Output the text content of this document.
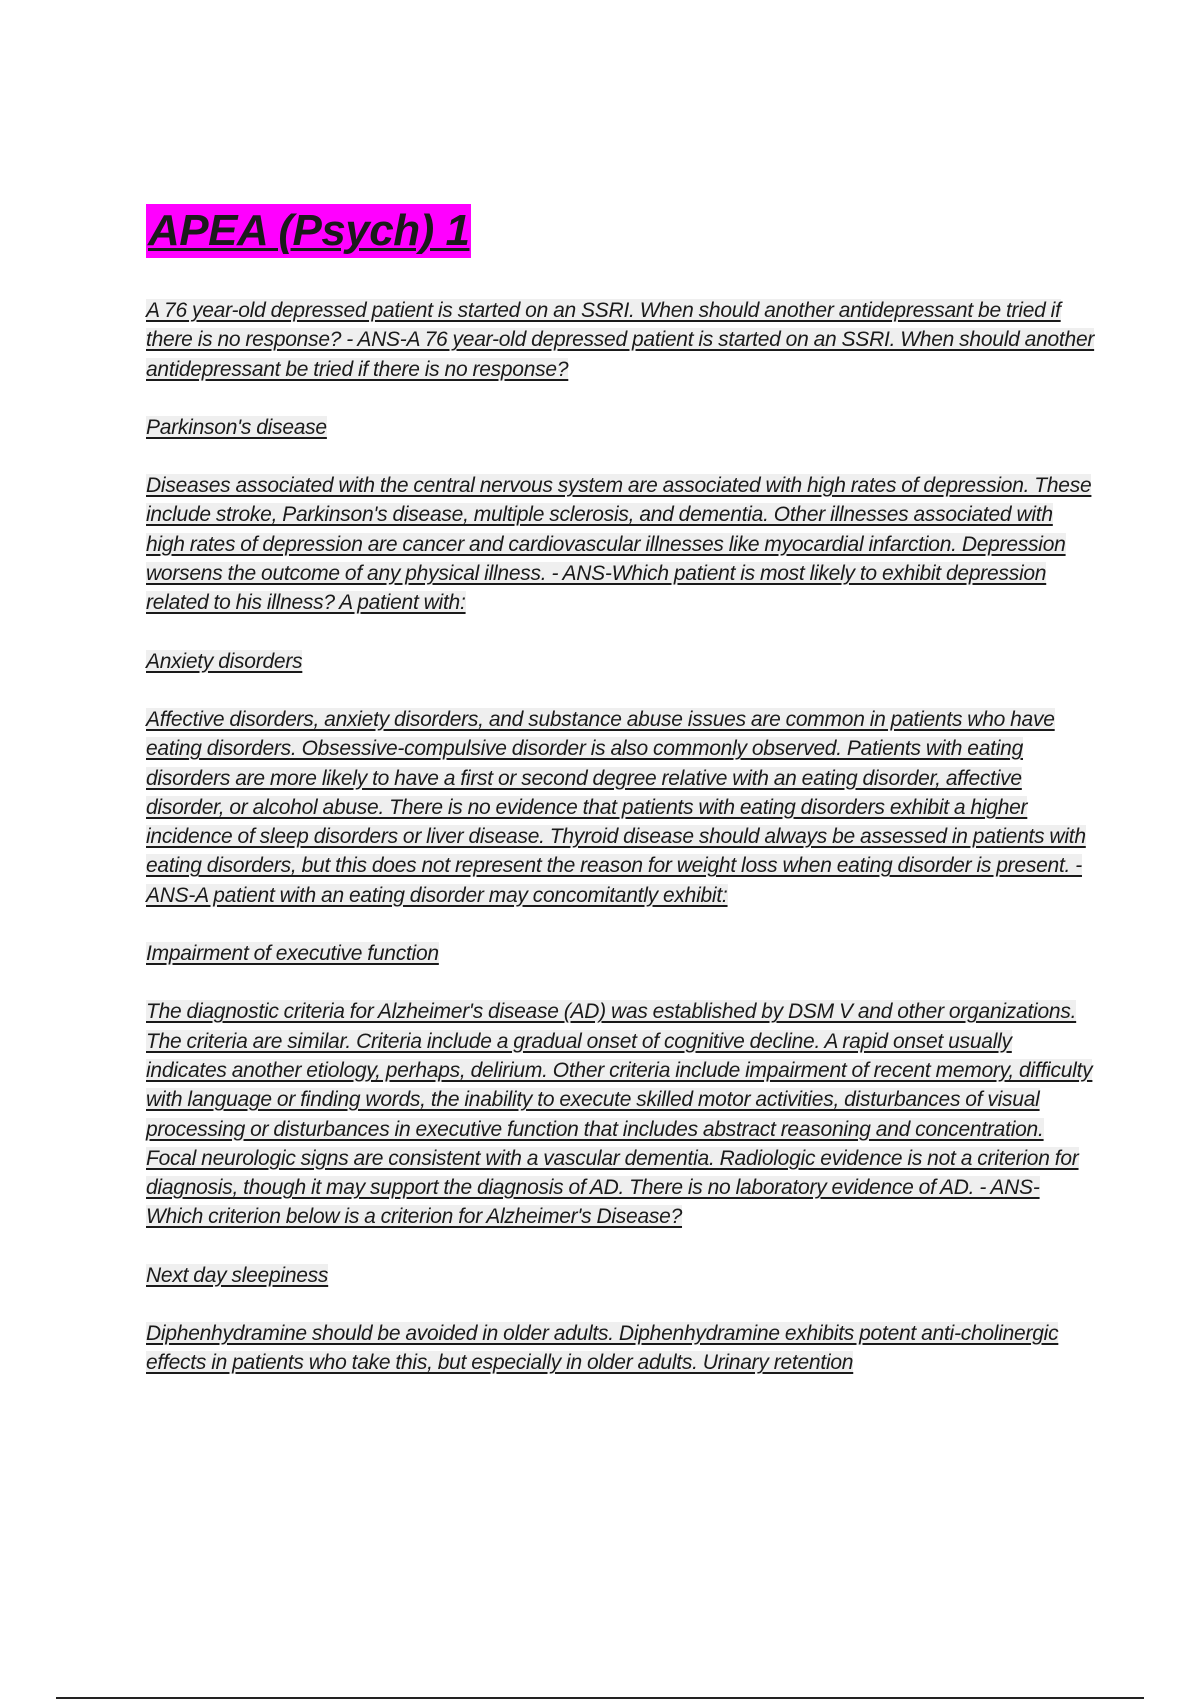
APEA (Psych) 1

A 76 year-old depressed patient is started on an SSRI. When should another antidepressant be tried if there is no response? - ANS-A 76 year-old depressed patient is started on an SSRI. When should another antidepressant be tried if there is no response?

Parkinson's disease

Diseases associated with the central nervous system are associated with high rates of depression. These include stroke, Parkinson's disease, multiple sclerosis, and dementia. Other illnesses associated with high rates of depression are cancer and cardiovascular illnesses like myocardial infarction. Depression worsens the outcome of any physical illness. - ANS-Which patient is most likely to exhibit depression related to his illness? A patient with:

Anxiety disorders

Affective disorders, anxiety disorders, and substance abuse issues are common in patients who have eating disorders. Obsessive-compulsive disorder is also commonly observed. Patients with eating disorders are more likely to have a first or second degree relative with an eating disorder, affective disorder, or alcohol abuse. There is no evidence that patients with eating disorders exhibit a higher incidence of sleep disorders or liver disease. Thyroid disease should always be assessed in patients with eating disorders, but this does not represent the reason for weight loss when eating disorder is present. - ANS-A patient with an eating disorder may concomitantly exhibit:

Impairment of executive function

The diagnostic criteria for Alzheimer's disease (AD) was established by DSM V and other organizations. The criteria are similar. Criteria include a gradual onset of cognitive decline. A rapid onset usually indicates another etiology, perhaps, delirium. Other criteria include impairment of recent memory, difficulty with language or finding words, the inability to execute skilled motor activities, disturbances of visual processing or disturbances in executive function that includes abstract reasoning and concentration. Focal neurologic signs are consistent with a vascular dementia. Radiologic evidence is not a criterion for diagnosis, though it may support the diagnosis of AD. There is no laboratory evidence of AD. - ANS-Which criterion below is a criterion for Alzheimer's Disease?

Next day sleepiness

Diphenhydramine should be avoided in older adults. Diphenhydramine exhibits potent anti-cholinergic effects in patients who take this, but especially in older adults. Urinary retention
